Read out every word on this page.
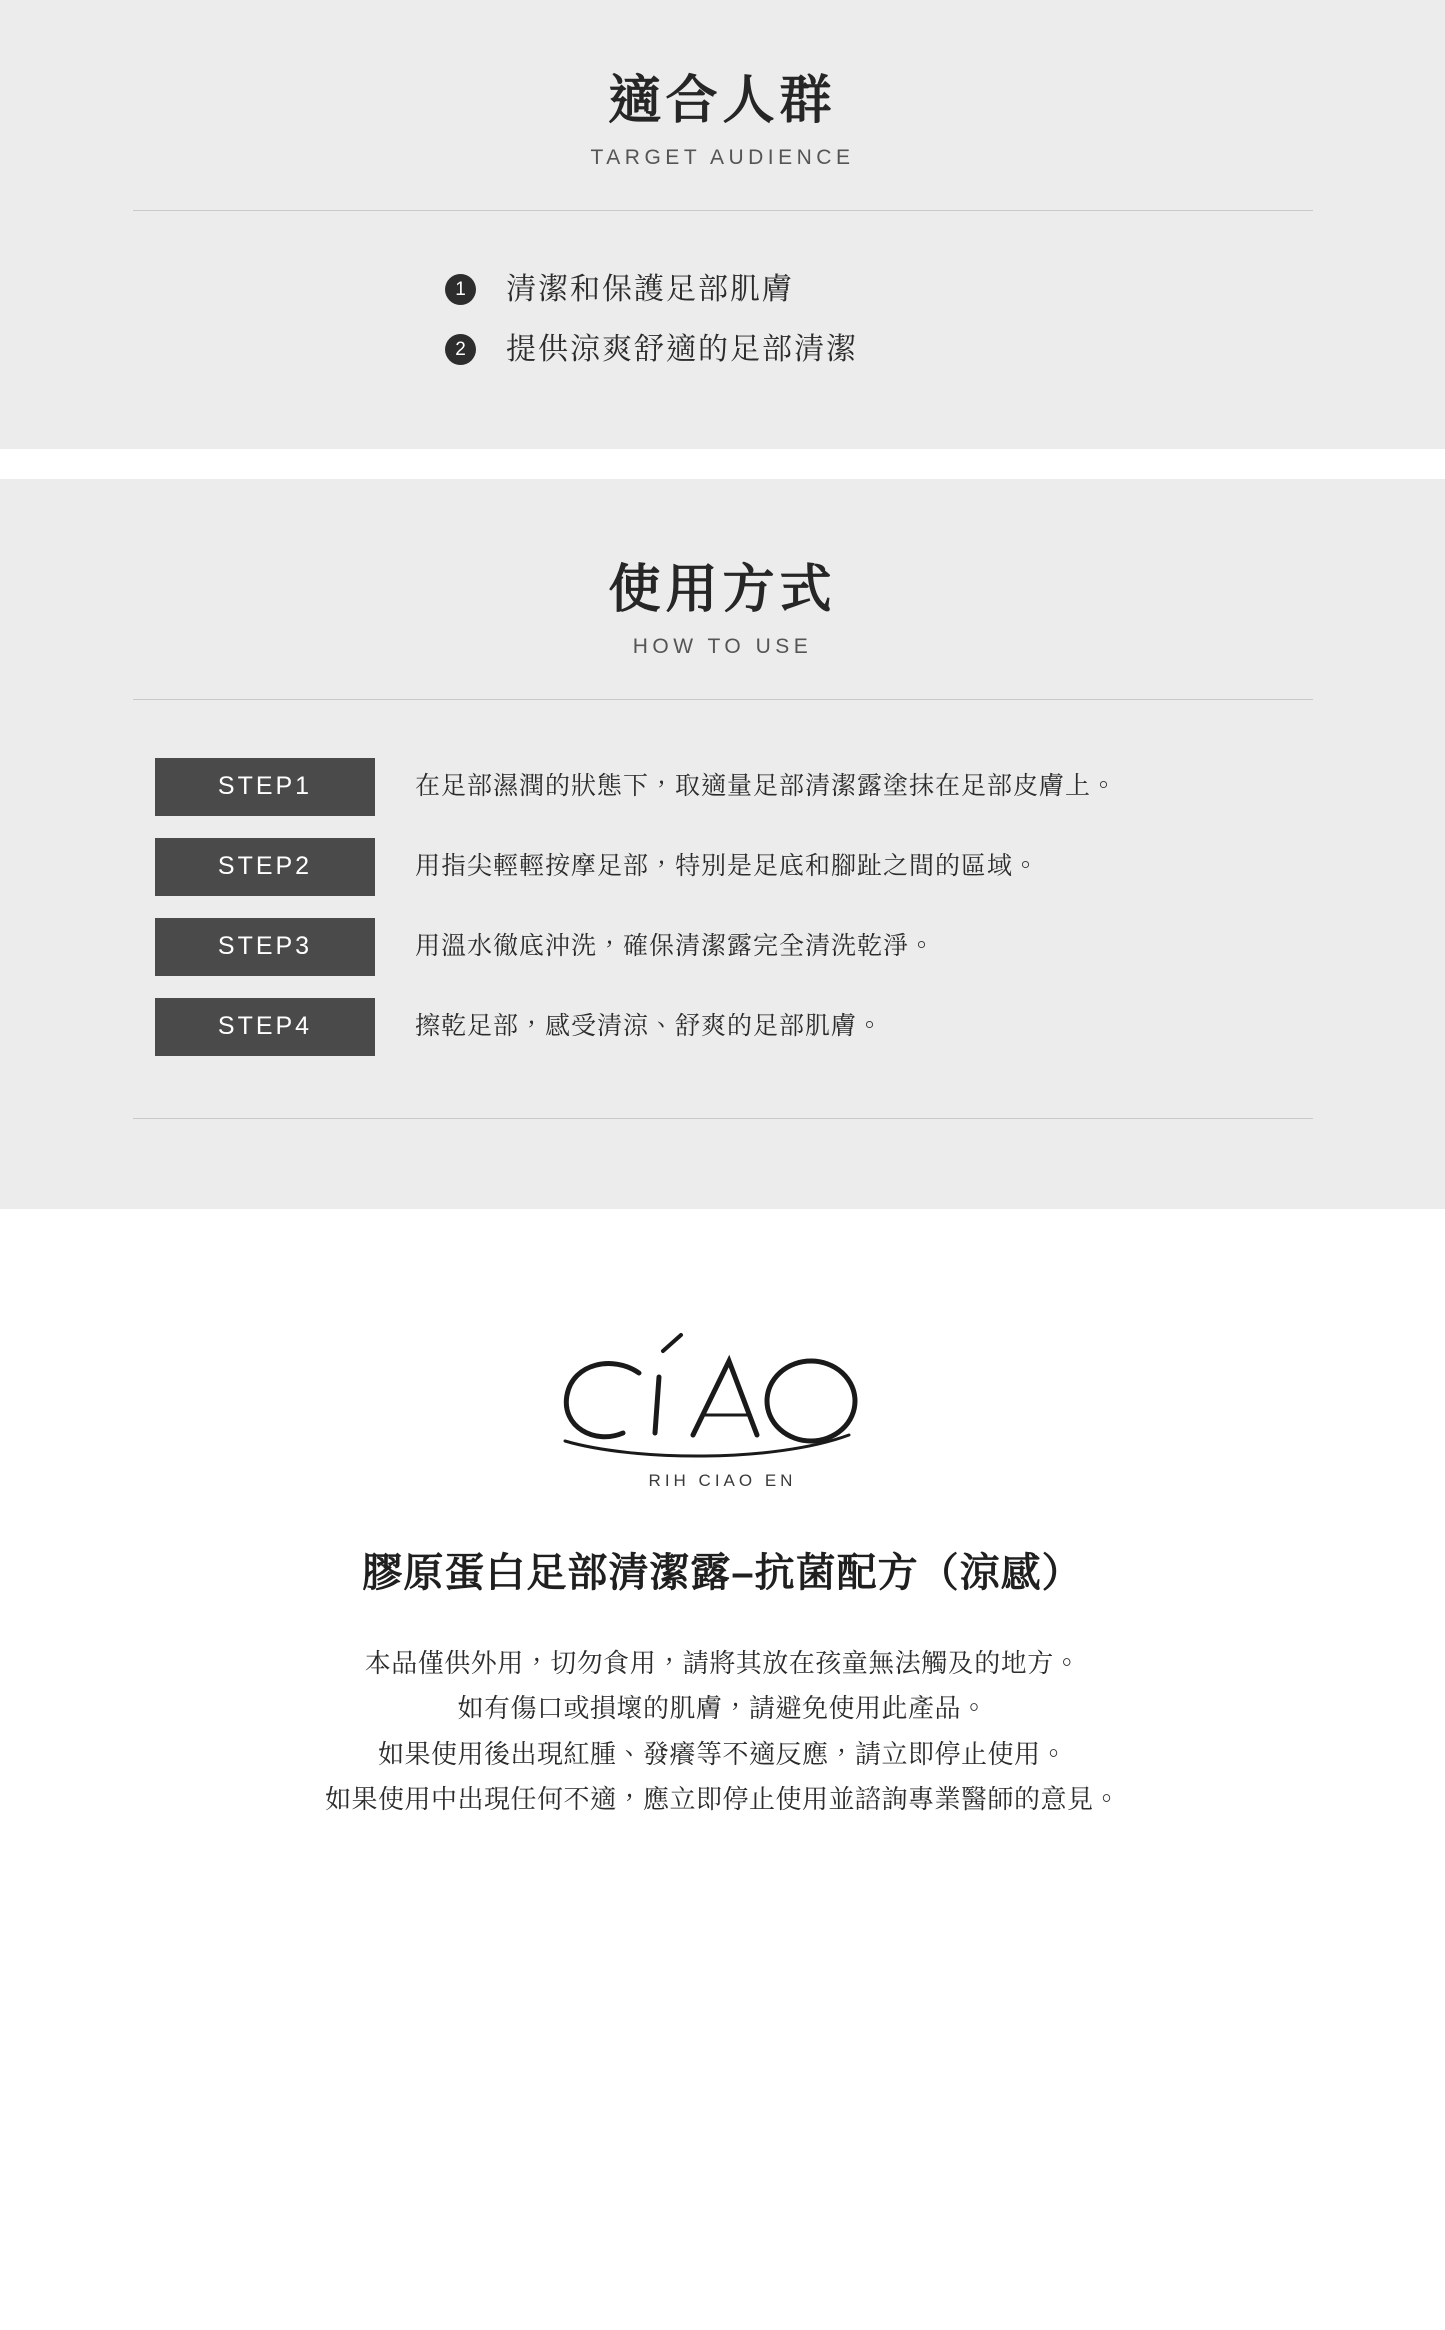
適合人群
TARGET AUDIENCE
1	清潔和保護足部肌膚
2	提供涼爽舒適的足部清潔
使用方式
HOW TO USE
STEP1	在足部濕潤的狀態下，取適量足部清潔露塗抹在足部皮膚上。
STEP2	用指尖輕輕按摩足部，特別是足底和腳趾之間的區域。
STEP3	用溫水徹底沖洗，確保清潔露完全清洗乾淨。
STEP4	擦乾足部，感受清涼、舒爽的足部肌膚。
RIH CIAO EN
膠原蛋白足部清潔露–抗菌配方（涼感）

本品僅供外用，切勿食用，請將其放在孩童無法觸及的地方。

如有傷口或損壞的肌膚，請避免使用此產品。

如果使用後出現紅腫、發癢等不適反應，請立即停止使用。

如果使用中出現任何不適，應立即停止使用並諮詢專業醫師的意見。
